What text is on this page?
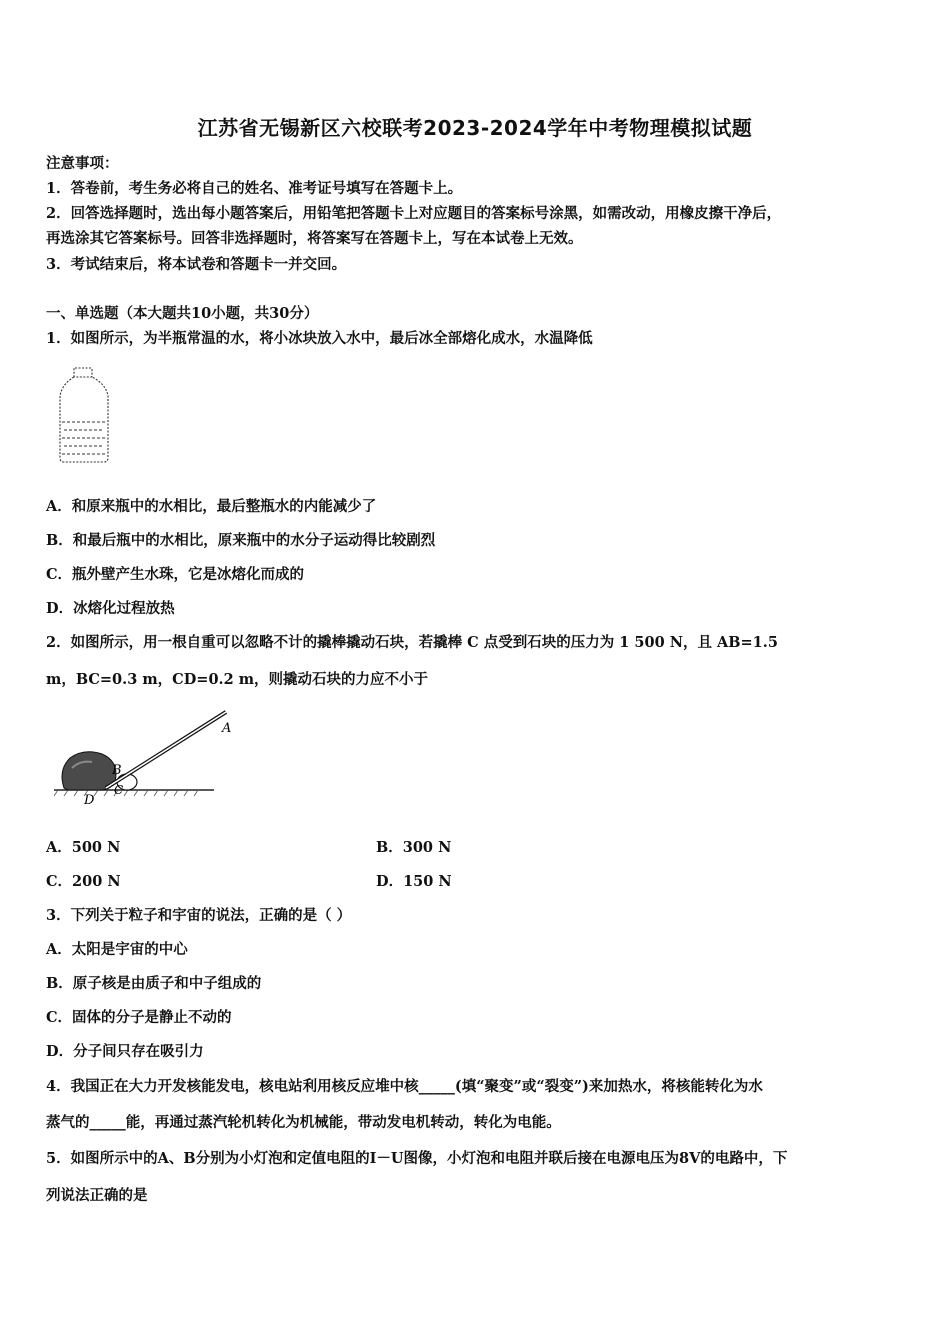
江苏省无锡新区六校联考2023-2024学年中考物理模拟试题
注意事项：
1．答卷前，考生务必将自己的姓名、准考证号填写在答题卡上。
2．回答选择题时，选出每小题答案后，用铅笔把答题卡上对应题目的答案标号涂黑，如需改动，用橡皮擦干净后，
再选涂其它答案标号。回答非选择题时，将答案写在答题卡上，写在本试卷上无效。
3．考试结束后，将本试卷和答题卡一并交回。
一、单选题（本大题共10小题，共30分）
1．如图所示，为半瓶常温的水，将小冰块放入水中，最后冰全部熔化成水，水温降低
A．和原来瓶中的水相比，最后整瓶水的内能减少了
B．和最后瓶中的水相比，原来瓶中的水分子运动得比较剧烈
C．瓶外壁产生水珠，它是冰熔化而成的
D．冰熔化过程放热
2．如图所示，用一根自重可以忽略不计的撬棒撬动石块，若撬棒 C 点受到石块的压力为 1 500 N，且 AB=1.5
m，BC=0.3 m，CD=0.2 m，则撬动石块的力应不小于
A
B
C
D
A．500 N	B．300 N
C．200 N	D．150 N
3．下列关于粒子和宇宙的说法，正确的是（ ）
A．太阳是宇宙的中心
B．原子核是由质子和中子组成的
C．固体的分子是静止不动的
D．分子间只存在吸引力
4．我国正在大力开发核能发电，核电站利用核反应堆中核_____(填“聚变”或“裂变”)来加热水，将核能转化为水
蒸气的_____能，再通过蒸汽轮机转化为机械能，带动发电机转动，转化为电能。
5．如图所示中的A、B分别为小灯泡和定值电阻的I－U图像，小灯泡和电阻并联后接在电源电压为8V的电路中，下
列说法正确的是
